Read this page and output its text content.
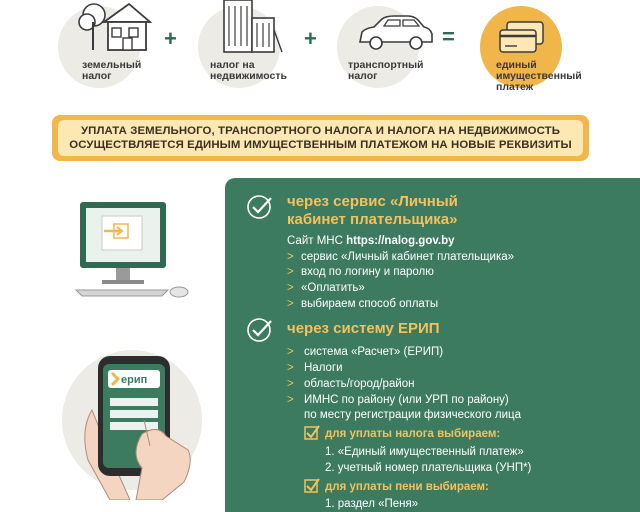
земельный
налог
+
налог на
недвижимость
+
транспортный
налог
=
единый
имущественный
платеж
УПЛАТА ЗЕМЕЛЬНОГО, ТРАНСПОРТНОГО НАЛОГА И НАЛОГА НА НЕДВИЖИМОСТЬ
ОСУЩЕСТВЛЯЕТСЯ ЕДИНЫМ ИМУЩЕСТВЕННЫМ ПЛАТЕЖОМ НА НОВЫЕ РЕКВИЗИТЫ
ерип
через сервис «Личный
кабинет плательщика»
Сайт МНС https://nalog.gov.by
> сервис «Личный кабинет плательщика»
> вход по логину и паролю
> «Оплатить»
> выбираем способ оплаты
через систему ЕРИП
> система «Расчет» (ЕРИП)
> Налоги
> область/город/район
> ИМНС по району (или УРП по району)
по месту регистрации физического лица
для уплаты налога выбираем:
1. «Единый имущественный платеж»
2. учетный номер плательщика (УНП*)
для уплаты пени выбираем:
1. раздел «Пеня»
